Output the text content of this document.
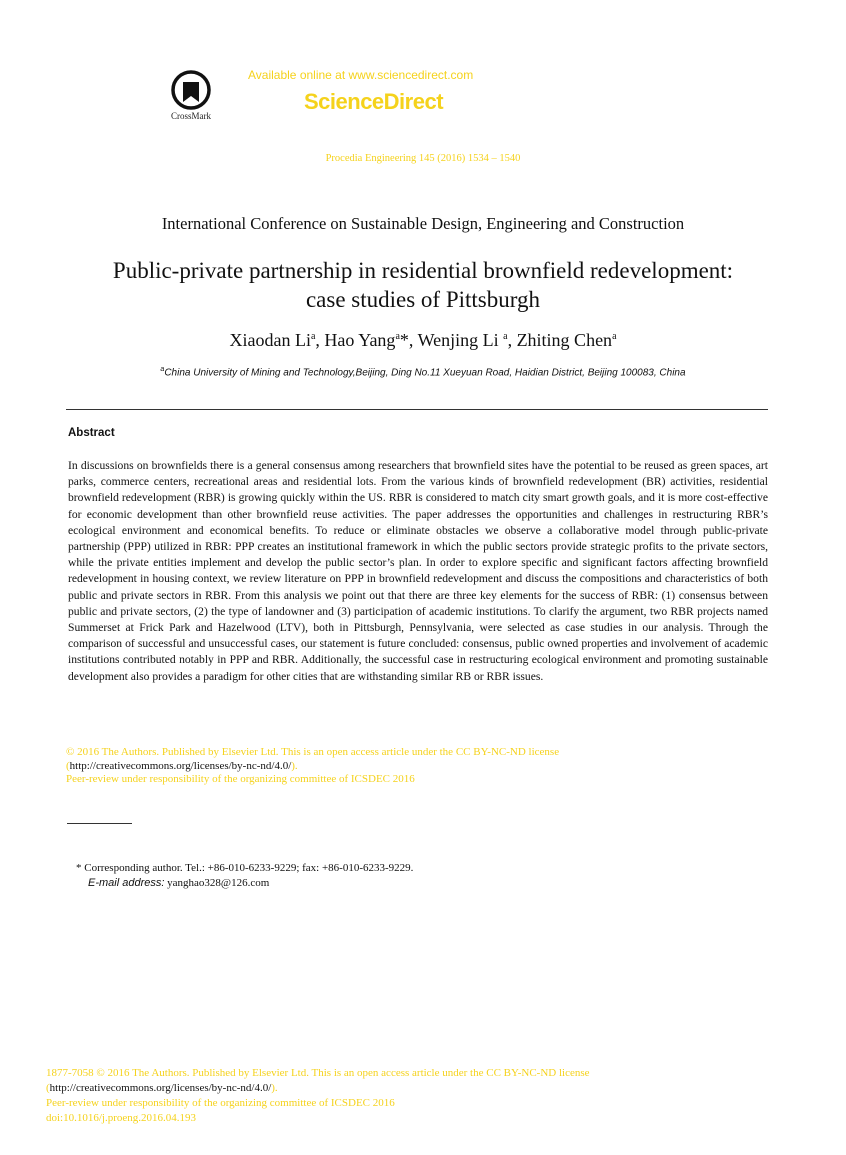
CrossMark
Available online at www.sciencedirect.com
ScienceDirect
Procedia Engineering 145 (2016) 1534 – 1540
International Conference on Sustainable Design, Engineering and Construction
Public-private partnership in residential brownfield redevelopment:
case studies of Pittsburgh
Xiaodan Li$^a$, Hao Yang$^a$*, Wenjing Li $^a$, Zhiting Chen$^a$
$^a$China University of Mining and Technology,Beijing, Ding No.11 Xueyuan Road, Haidian District, Beijing 100083, China
Abstract
In discussions on brownfields there is a general consensus among researchers that brownfield sites have the potential to be reused as green spaces, art parks, commerce centers, recreational areas and residential lots. From the various kinds of brownfield redevelopment (BR) activities, residential brownfield redevelopment (RBR) is growing quickly within the US. RBR is considered to match city smart growth goals, and it is more cost-effective for economic development than other brownfield reuse activities. The paper addresses the opportunities and challenges in restructuring RBR’s ecological environment and economical benefits. To reduce or eliminate obstacles we observe a collaborative model through public-private partnership (PPP) utilized in RBR: PPP creates an institutional framework in which the public sectors provide strategic profits to the private sectors, while the private entities implement and develop the public sector’s plan. In order to explore specific and significant factors affecting brownfield redevelopment in housing context, we review literature on PPP in brownfield redevelopment and discuss the compositions and characteristics of both public and private sectors in RBR. From this analysis we point out that there are three key elements for the success of RBR: (1) consensus between public and private sectors, (2) the type of landowner and (3) participation of academic institutions. To clarify the argument, two RBR projects named Summerset at Frick Park and Hazelwood (LTV), both in Pittsburgh, Pennsylvania, were selected as case studies in our analysis. Through the comparison of successful and unsuccessful cases, our statement is future concluded: consensus, public owned properties and involvement of academic institutions contributed notably in PPP and RBR. Additionally, the successful case in restructuring ecological environment and promoting sustainable development also provides a paradigm for other cities that are withstanding similar RB or RBR issues.
© 2016 The Authors. Published by Elsevier Ltd. This is an open access article under the CC BY-NC-ND license
(http://creativecommons.org/licenses/by-nc-nd/4.0/).
Peer-review under responsibility of the organizing committee of ICSDEC 2016
* Corresponding author. Tel.: +86-010-6233-9229; fax: +86-010-6233-9229.
E-mail address: yanghao328@126.com
1877-7058 © 2016 The Authors. Published by Elsevier Ltd. This is an open access article under the CC BY-NC-ND license
(http://creativecommons.org/licenses/by-nc-nd/4.0/).
Peer-review under responsibility of the organizing committee of ICSDEC 2016
doi:10.1016/j.proeng.2016.04.193
